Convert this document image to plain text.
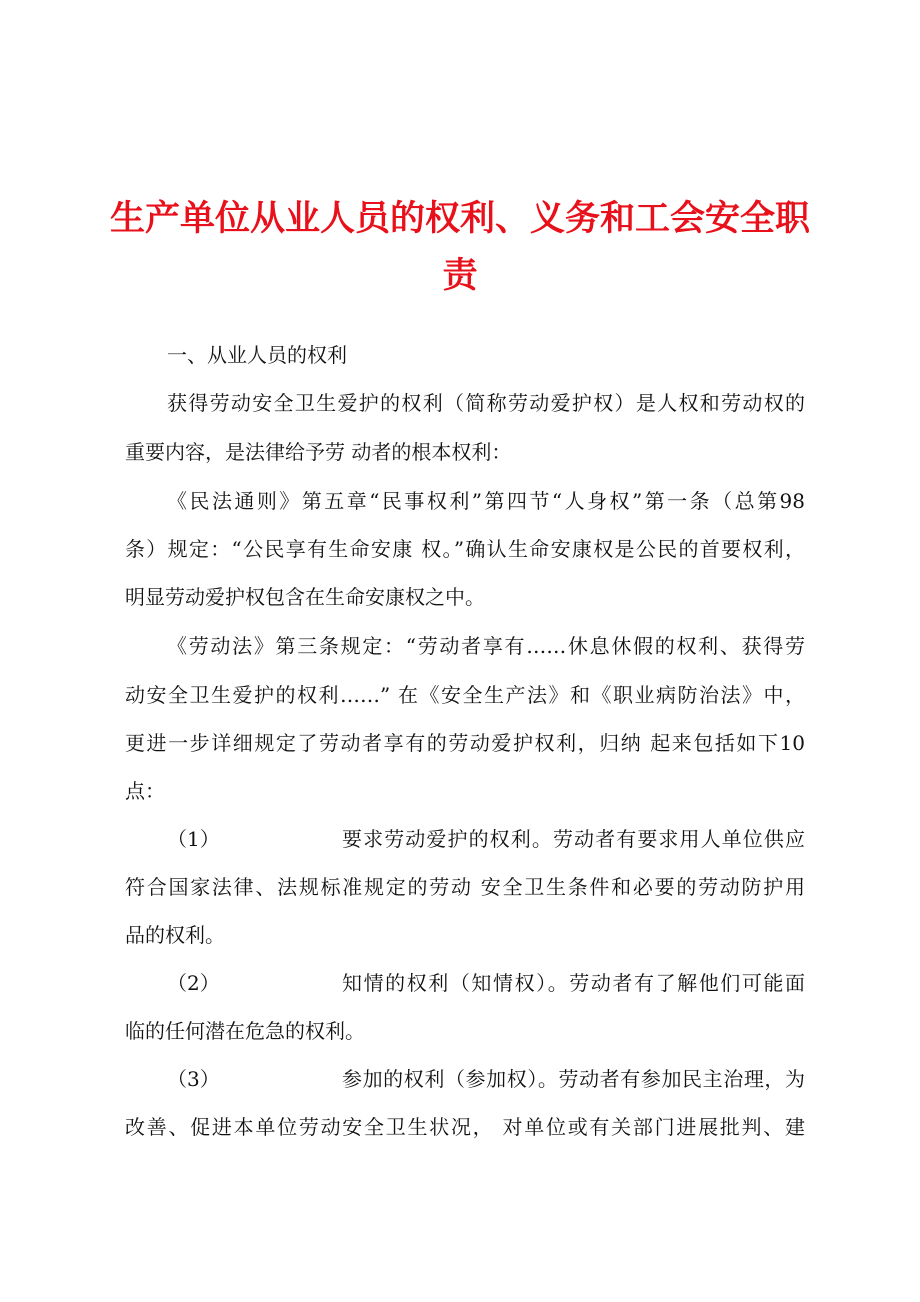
生产单位从业人员的权利、义务和工会安全职
责
一、从业人员的权利
获得劳动安全卫生爱护的权利（简称劳动爱护权）是人权和劳动权的
重要内容，是法律给予劳 动者的根本权利：
《民法通则》第五章“民事权利”第四节“人身权”第一条（总第98
条）规定：“公民享有生命安康 权。”确认生命安康权是公民的首要权利，
明显劳动爱护权包含在生命安康权之中。
《劳动法》第三条规定：“劳动者享有……休息休假的权利、获得劳
动安全卫生爱护的权利……” 在《安全生产法》和《职业病防治法》中，
更进一步详细规定了劳动者享有的劳动爱护权利，归纳 起来包括如下10
点：
（1）	要求劳动爱护的权利。劳动者有要求用人单位供应
符合国家法律、法规标准规定的劳动 安全卫生条件和必要的劳动防护用
品的权利。
（2）	知情的权利（知情权）。劳动者有了解他们可能面
临的任何潜在危急的权利。
（3）	参加的权利（参加权）。劳动者有参加民主治理，为
改善、促进本单位劳动安全卫生状况， 对单位或有关部门进展批判、建
